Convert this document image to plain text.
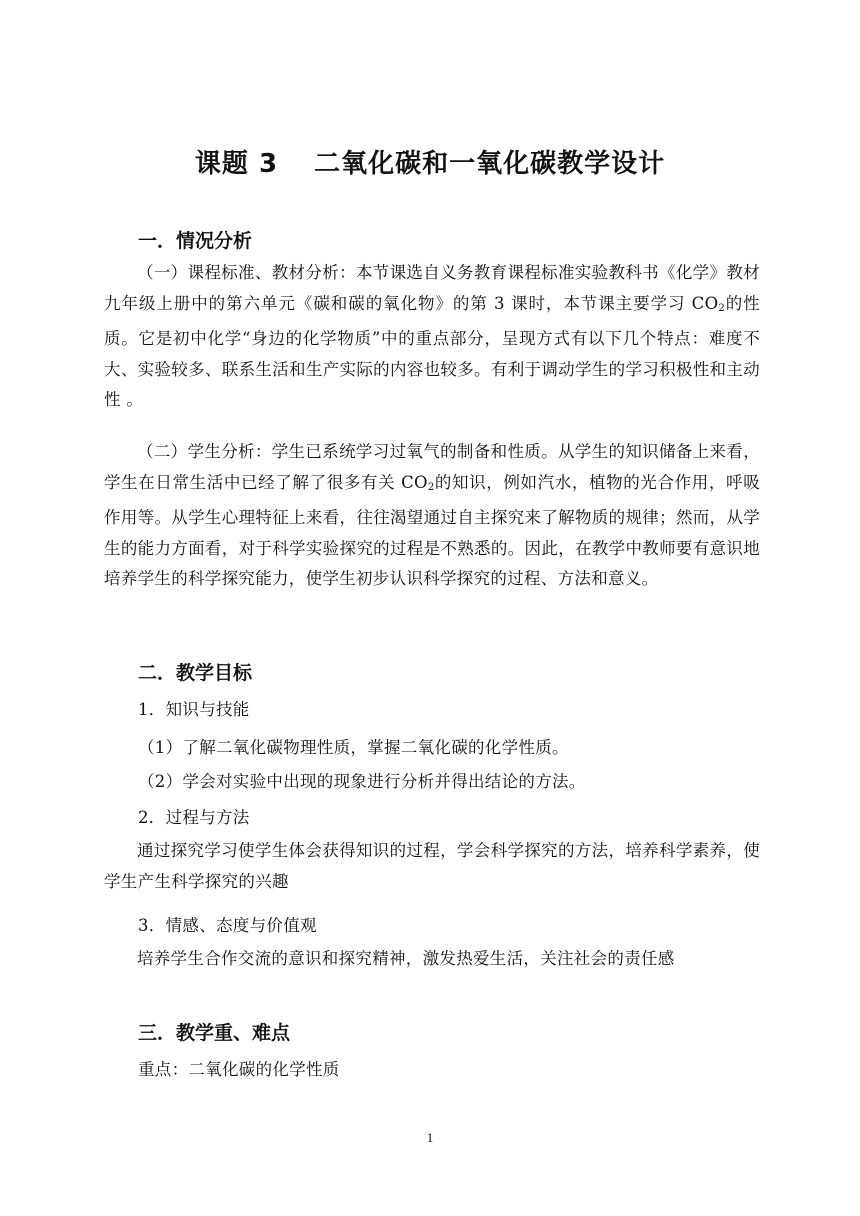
课题 3 二氧化碳和一氧化碳教学设计
一．情况分析
（一）课程标准、教材分析：本节课选自义务教育课程标准实验教科书《化学》教材九年级上册中的第六单元《碳和碳的氧化物》的第 3 课时，本节课主要学习 $CO_2$的性质。它是初中化学“身边的化学物质”中的重点部分，呈现方式有以下几个特点：难度不大、实验较多、联系生活和生产实际的内容也较多。有利于调动学生的学习积极性和主动性 。
（二）学生分析：学生已系统学习过氧气的制备和性质。从学生的知识储备上来看，学生在日常生活中已经了解了很多有关 $CO_2$的知识，例如汽水，植物的光合作用，呼吸作用等。从学生心理特征上来看，往往渴望通过自主探究来了解物质的规律；然而，从学生的能力方面看，对于科学实验探究的过程是不熟悉的。因此，在教学中教师要有意识地培养学生的科学探究能力，使学生初步认识科学探究的过程、方法和意义。
二．教学目标
1．知识与技能
（1）了解二氧化碳物理性质，掌握二氧化碳的化学性质。
（2）学会对实验中出现的现象进行分析并得出结论的方法。
2．过程与方法
通过探究学习使学生体会获得知识的过程，学会科学探究的方法，培养科学素养，使学生产生科学探究的兴趣
3．情感、态度与价值观
培养学生合作交流的意识和探究精神，激发热爱生活，关注社会的责任感
三．教学重、难点
重点：二氧化碳的化学性质
1
